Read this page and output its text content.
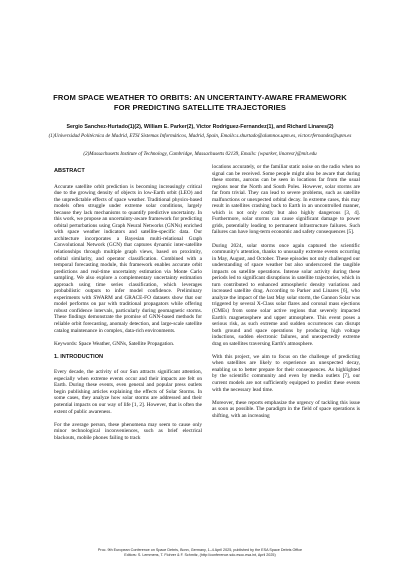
FROM SPACE WEATHER TO ORBITS: AN UNCERTAINTY-AWARE FRAMEWORK
FOR PREDICTING SATELLITE TRAJECTORIES
Sergio Sanchez-Hurtado(1)(2), William E. Parker(2), Victor Rodriguez-Fernandez(1), and Richard Linares(2)
(1)Universidad Politécnica de Madrid, ETSI Sistemas Informáticos, Madrid, Spain, Emails:s.shurtado@alumnos.upm.es, victor.rfernandez@upm.es
(2)Massachusetts Institute of Technology, Cambridge, Massachusetts 02139, Emails: {wparker, linaresr}@mit.edu
ABSTRACT
Accurate satellite orbit prediction is becoming increasingly critical due to the growing density of objects in low-Earth orbit (LEO) and the unpredictable effects of space weather. Traditional physics-based models often struggle under extreme solar conditions, largely because they lack mechanisms to quantify predictive uncertainty. In this work, we propose an uncertainty-aware framework for predicting orbital perturbations using Graph Neural Networks (GNNs) enriched with space weather indicators and satellite-specific data. Our architecture incorporates a Bayesian multi-relational Graph Convolutional Network (GCN) that captures dynamic inter-satellite relationships through multiple graph views, based on proximity, orbital similarity, and operator classification. Combined with a temporal forecasting module, this framework enables accurate orbit predictions and real-time uncertainty estimation via Monte Carlo sampling. We also explore a complementary uncertainty estimation approach using time series classification, which leverages probabilistic outputs to infer model confidence. Preliminary experiments with SWARM and GRACE-FO datasets show that our model performs on par with traditional propagators while offering robust confidence intervals, particularly during geomagnetic storms. These findings demonstrate the promise of GNN-based methods for reliable orbit forecasting, anomaly detection, and large-scale satellite catalog maintenance in complex, data-rich environments.
Keywords: Space Weather, GNNs, Satellite Propagation.
1. INTRODUCTION
Every decade, the activity of our Sun attracts significant attention, especially when extreme events occur and their impacts are felt on Earth. During these events, even general and popular press outlets begin publishing articles explaining the effects of Solar Storms. In some cases, they analyze how solar storms are addressed and their potential impacts on our way of life [1, 2]. However, that is often the extent of public awareness.
For the average person, these phenomena may seem to cause only minor technological inconveniences, such as brief electrical blackouts, mobile phones failing to track
locations accurately, or the familiar static noise on the radio when no signal can be received. Some people might also be aware that during these storms, auroras can be seen in locations far from the usual regions near the North and South Poles. However, solar storms are far from trivial. They can lead to severe problems, such as satellite malfunctions or unexpected orbital decay. In extreme cases, this may result in satellites crashing back to Earth in an uncontrolled manner, which is not only costly but also highly dangerous [3, 4]. Furthermore, solar storms can cause significant damage to power grids, potentially leading to permanent infrastructure failures. Such failures can have long-term economic and safety consequences [5].
During 2024, solar storms once again captured the scientific community's attention, thanks to unusually extreme events occurring in May, August, and October. These episodes not only challenged our understanding of space weather but also underscored the tangible impacts on satellite operations. Intense solar activity during these periods led to significant disruptions in satellite trajectories, which in turn contributed to enhanced atmospheric density variations and increased satellite drag. According to Parker and Linares [6], who analyze the impact of the last May solar storm, the Gannon Solar was triggered by several X-Class solar flares and coronal mass ejections (CMEs) from some solar active regions that severely impacted Earth's magnetosphere and upper atmosphere. This event poses a serious risk, as such extreme and sudden occurrences can disrupt both ground and space operations by producing high voltage inductions, sudden electronic failures, and unexpectedly extreme drag on satellites traversing Earth's atmosphere.
With this project, we aim to focus on the challenge of predicting when satellites are likely to experience an unexpected decay, enabling us to better prepare for their consequences. As highlighted by the scientific community and even by media outlets [7], our current models are not sufficiently equipped to predict these events with the necessary lead time.
Moreover, these reports emphasize the urgency of tackling this issue as soon as possible. The paradigm in the field of space operations is shifting, with an increasing
Proc. 9th European Conference on Space Debris, Bonn, Germany, 1–4 April 2025, published by the ESA Space Debris Office
Editors: S. Lemmens, T. Flohrer & F. Schmitz, (http://conference.sdo.esoc.esa.int, April 2025)
